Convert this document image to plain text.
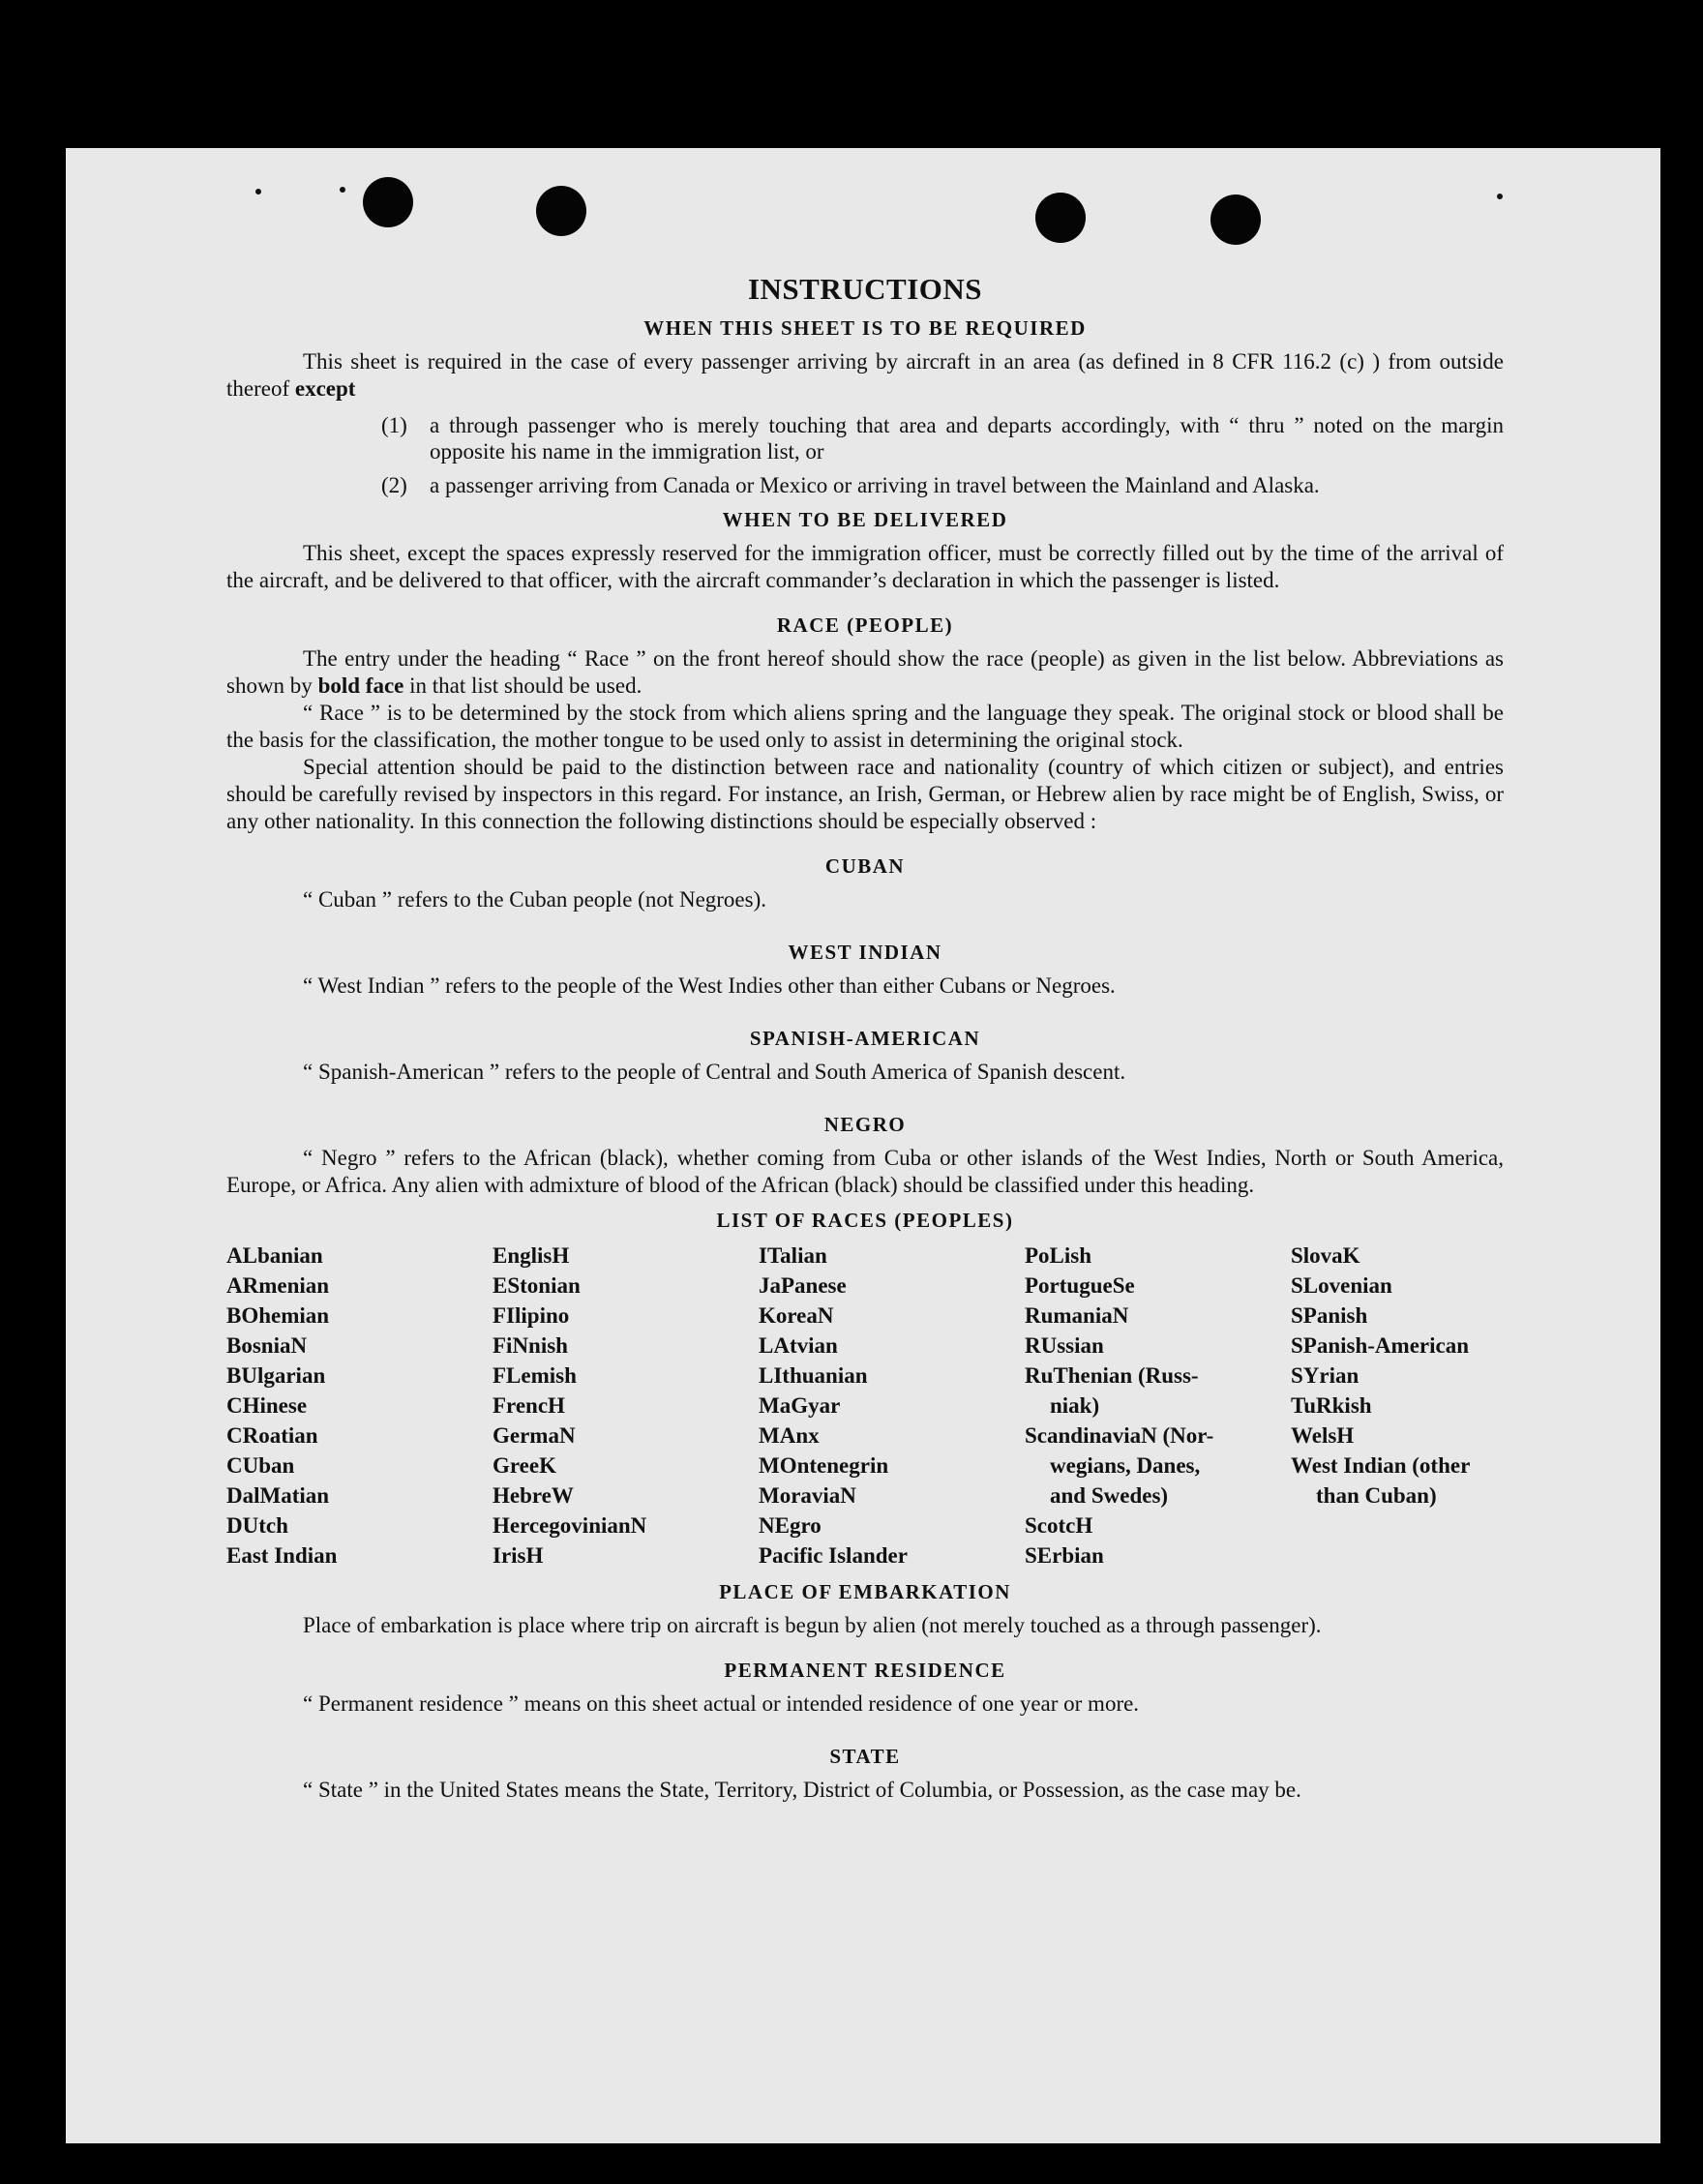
INSTRUCTIONS
WHEN THIS SHEET IS TO BE REQUIRED

This sheet is required in the case of every passenger arriving by aircraft in an area (as defined in 8 CFR 116.2 (c) ) from outside thereof except

(1)	a through passenger who is merely touching that area and departs accordingly, with “ thru ” noted on the margin opposite his name in the immigration list, or
(2)	a passenger arriving from Canada or Mexico or arriving in travel between the Mainland and Alaska.
WHEN TO BE DELIVERED

This sheet, except the spaces expressly reserved for the immigration officer, must be correctly filled out by the time of the arrival of the aircraft, and be delivered to that officer, with the aircraft commander’s declaration in which the passenger is listed.

RACE (PEOPLE)

The entry under the heading “ Race ” on the front hereof should show the race (people) as given in the list below. Abbreviations as shown by bold face in that list should be used.

“ Race ” is to be determined by the stock from which aliens spring and the language they speak. The original stock or blood shall be the basis for the classification, the mother tongue to be used only to assist in determining the original stock.

Special attention should be paid to the distinction between race and nationality (country of which citizen or subject), and entries should be carefully revised by inspectors in this regard. For instance, an Irish, German, or Hebrew alien by race might be of English, Swiss, or any other nationality. In this connection the following distinctions should be especially observed :

CUBAN

“ Cuban ” refers to the Cuban people (not Negroes).

WEST INDIAN

“ West Indian ” refers to the people of the West Indies other than either Cubans or Negroes.

SPANISH-AMERICAN

“ Spanish-American ” refers to the people of Central and South America of Spanish descent.

NEGRO

“ Negro ” refers to the African (black), whether coming from Cuba or other islands of the West Indies, North or South America, Europe, or Africa. Any alien with admixture of blood of the African (black) should be classified under this heading.

LIST OF RACES (PEOPLES)
ALbanian
ARmenian
BOhemian
BosniaN
BUlgarian
CHinese
CRoatian
CUban
DalMatian
DUtch
East Indian
EnglisH
EStonian
FIlipino
FiNnish
FLemish
FrencH
GermaN
GreeK
HebreW
HercegovinianN
IrisH
ITalian
JaPanese
KoreaN
LAtvian
LIthuanian
MaGyar
MAnx
MOntenegrin
MoraviaN
NEgro
Pacific Islander
PoLish
PortugueSe
RumaniaN
RUssian
RuThenian (Russ-
niak)
ScandinaviaN (Nor-
wegians, Danes,
and Swedes)
ScotcH
SErbian
SlovaK
SLovenian
SPanish
SPanish-American
SYrian
TuRkish
WelsH
West Indian (other
than Cuban)
PLACE OF EMBARKATION

Place of embarkation is place where trip on aircraft is begun by alien (not merely touched as a through passenger).

PERMANENT RESIDENCE

“ Permanent residence ” means on this sheet actual or intended residence of one year or more.

STATE

“ State ” in the United States means the State, Territory, District of Columbia, or Possession, as the case may be.
